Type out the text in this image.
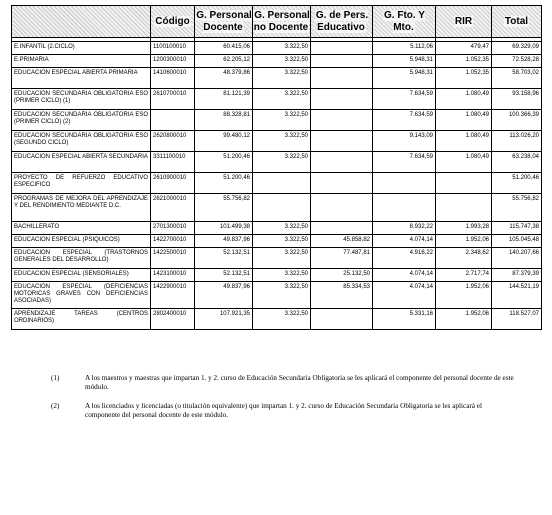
	Código	G. Personal Docente	G. Personal no Docente	G. de Pers. Educativo	G. Fto. Y Mto.	RIR	Total

E.INFANTIL (2.CICLO)	1100100010	60.415,06	3.322,50		5.112,06	479,47	69.329,09
E.PRIMARIA	1200300010	62.205,12	3.322,50		5.948,31	1.052,35	72.528,28
EDUCACION ESPECIAL ABIERTA PRIMARIA	1410600010	48.379,86	3.322,50		5.948,31	1.052,35	58.703,02
EDUCACION SECUNDARIA OBLIGATORIA ESO (PRIMER CICLO) (1)	2610700010	81.121,39	3.322,50		7.634,59	1.080,49	93.158,96
EDUCACION SECUNDARIA OBLIGATORIA ESO (PRIMER CICLO) (2)		88.328,81	3.322,50		7.634,59	1.080,49	100.366,39
EDUCACION SECUNDARIA OBLIGATORIA ESO (SEGUNDO CICLO)	2620800010	99.480,12	3.322,50		9.143,09	1.080,49	113.026,20
EDUCACION ESPECIAL ABIERTA SECUNDARIA	3311100010	51.200,46	3.322,50		7.634,59	1.080,49	63.238,04
PROYECTO DE REFUERZO EDUCATIVO ESPECIFICO	2610900010	51.200,46					51.200,46
PROGRAMAS DE MEJORA DEL APRENDIZAJE Y DEL RENDIMIENTO MEDIANTE D.C.	2621000010	55.756,82					55.756,82
BACHILLERATO	2701300010	101.499,38	3.322,50		8.932,22	1.993,28	115.747,38
EDUCACION ESPECIAL (PSIQUICOS)	1422700010	49.837,96	3.322,50	45.858,82	4.074,14	1.952,06	105.045,48
EDUCACION ESPECIAL (TRASTORNOS GENERALES DEL DESARROLLO)	1422500010	52.132,51	3.322,50	77.487,81	4.916,22	2.348,62	140.207,66
EDUCACION ESPECIAL (SENSORIALES)	1423100010	52.132,51	3.322,50	25.132,50	4.074,14	2.717,74	87.379,39
EDUCACION ESPECIAL (DEFICIENCIAS MOTORICAS GRAVES CON DEFICIENCIAS ASOCIADAS)	1422900010	49.837,96	3.322,50	85.334,53	4.074,14	1.952,06	144.521,19
APRENDIZAJE TAREAS (CENTROS ORDINARIOS)	2802400010	107.921,35	3.322,50		5.331,16	1.952,06	118.527,07
(1)	A los maestros y maestras que impartan 1. y 2. curso de Educación Secundaria Obligatoria se les aplicará el componente del personal docente de este módulo.
(2)	A los licenciados y licenciadas (o titulación equivalente) que impartan 1. y 2. curso de Educación Secundaria Obligatoria se les aplicará el componente del personal docente de este módulo.
